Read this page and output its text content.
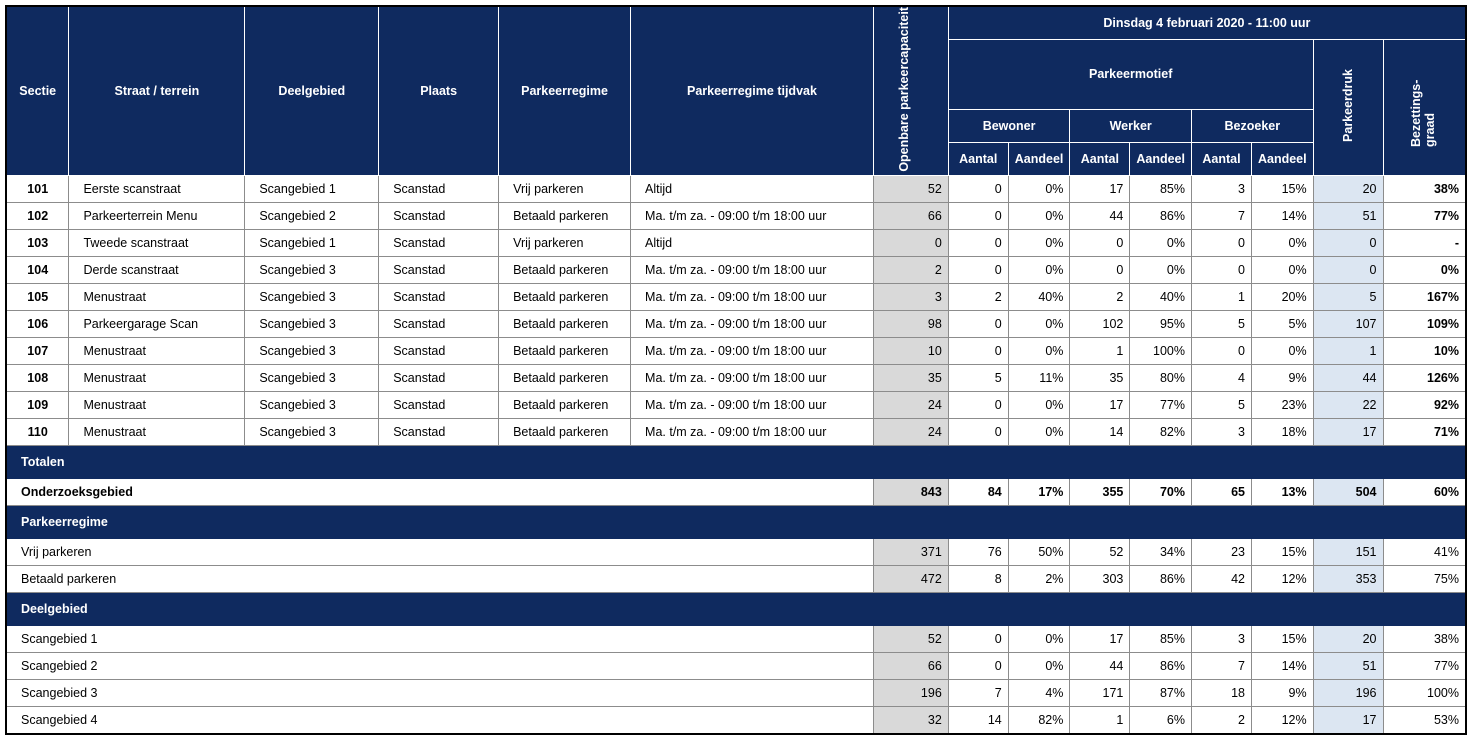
Sectie	Straat / terrein	Deelgebied	Plaats	Parkeerregime	Parkeerregime tijdvak	Openbare parkeercapaciteit	Dinsdag 4 februari 2020 - 11:00 uur							
							Parkeermotief						Parkeerdruk	Bezettings-graad
							Bewoner		Werker		Bezoeker			
							Aantal	Aandeel	Aantal	Aandeel	Aantal	Aandeel		
101	Eerste scanstraat	Scangebied 1	Scanstad	Vrij parkeren	Altijd	52	0	0%	17	85%	3	15%	20	38%
102	Parkeerterrein Menu	Scangebied 2	Scanstad	Betaald parkeren	Ma. t/m za. - 09:00 t/m 18:00 uur	66	0	0%	44	86%	7	14%	51	77%
103	Tweede scanstraat	Scangebied 1	Scanstad	Vrij parkeren	Altijd	0	0	0%	0	0%	0	0%	0	-
104	Derde scanstraat	Scangebied 3	Scanstad	Betaald parkeren	Ma. t/m za. - 09:00 t/m 18:00 uur	2	0	0%	0	0%	0	0%	0	0%
105	Menustraat	Scangebied 3	Scanstad	Betaald parkeren	Ma. t/m za. - 09:00 t/m 18:00 uur	3	2	40%	2	40%	1	20%	5	167%
106	Parkeergarage Scan	Scangebied 3	Scanstad	Betaald parkeren	Ma. t/m za. - 09:00 t/m 18:00 uur	98	0	0%	102	95%	5	5%	107	109%
107	Menustraat	Scangebied 3	Scanstad	Betaald parkeren	Ma. t/m za. - 09:00 t/m 18:00 uur	10	0	0%	1	100%	0	0%	1	10%
108	Menustraat	Scangebied 3	Scanstad	Betaald parkeren	Ma. t/m za. - 09:00 t/m 18:00 uur	35	5	11%	35	80%	4	9%	44	126%
109	Menustraat	Scangebied 3	Scanstad	Betaald parkeren	Ma. t/m za. - 09:00 t/m 18:00 uur	24	0	0%	17	77%	5	23%	22	92%
110	Menustraat	Scangebied 3	Scanstad	Betaald parkeren	Ma. t/m za. - 09:00 t/m 18:00 uur	24	0	0%	14	82%	3	18%	17	71%
Totalen														
Onderzoeksgebied						843	84	17%	355	70%	65	13%	504	60%
Parkeerregime														
Vrij parkeren						371	76	50%	52	34%	23	15%	151	41%
Betaald parkeren						472	8	2%	303	86%	42	12%	353	75%
Deelgebied														
Scangebied 1						52	0	0%	17	85%	3	15%	20	38%
Scangebied 2						66	0	0%	44	86%	7	14%	51	77%
Scangebied 3						196	7	4%	171	87%	18	9%	196	100%
Scangebied 4						32	14	82%	1	6%	2	12%	17	53%
